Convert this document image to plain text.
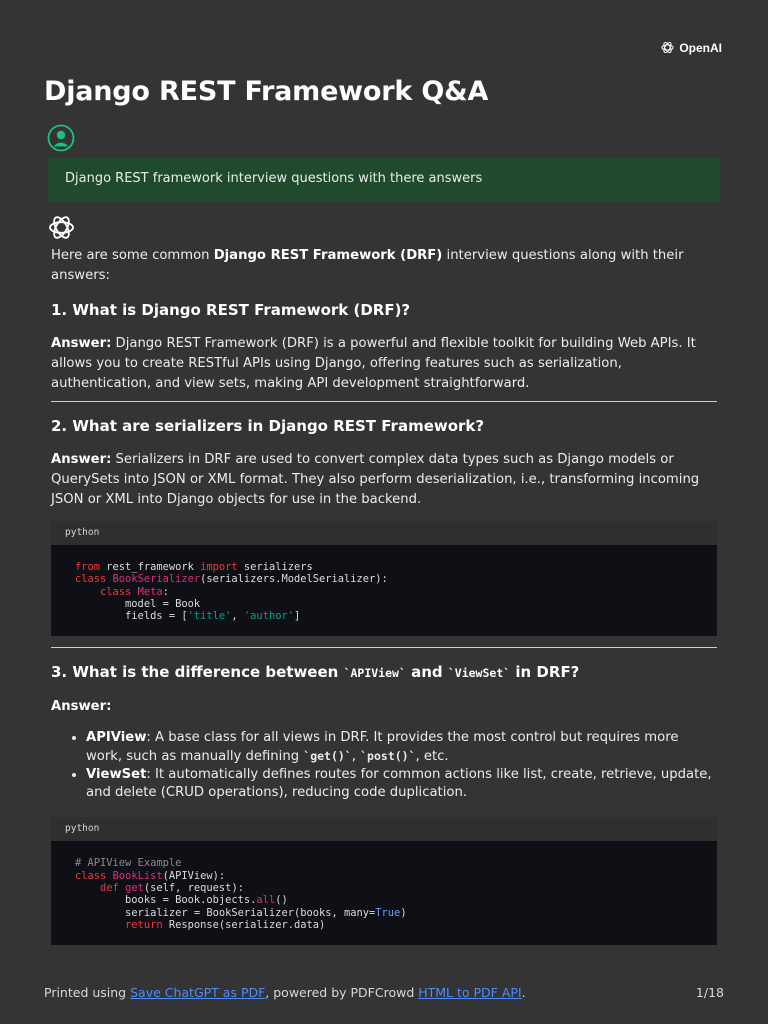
OpenAI
Django REST Framework Q&A
Django REST framework interview questions with there answers

Here are some common Django REST Framework (DRF) interview questions along with their answers:

1. What is Django REST Framework (DRF)?

Answer: Django REST Framework (DRF) is a powerful and flexible toolkit for building Web APIs. It allows you to create RESTful APIs using Django, offering features such as serialization, authentication, and view sets, making API development straightforward.

2. What are serializers in Django REST Framework?

Answer: Serializers in DRF are used to convert complex data types such as Django models or QuerySets into JSON or XML format. They also perform deserialization, i.e., transforming incoming JSON or XML into Django objects for use in the backend.

python
from rest_framework import serializers
class BookSerializer(serializers.ModelSerializer):
class Meta:
model = Book
fields = ['title', 'author']

3. What is the difference between `APIView` and `ViewSet` in DRF?

Answer:

• APIView: A base class for all views in DRF. It provides the most control but requires more work, such as manually defining `get()`, `post()`, etc.
• ViewSet: It automatically defines routes for common actions like list, create, retrieve, update, and delete (CRUD operations), reducing code duplication.
python
# APIView Example
class BookList(APIView):
def get(self, request):
books = Book.objects.all()
serializer = BookSerializer(books, many=True)
return Response(serializer.data)

Printed using Save ChatGPT as PDF, powered by PDFCrowd HTML to PDF API.	1/18
